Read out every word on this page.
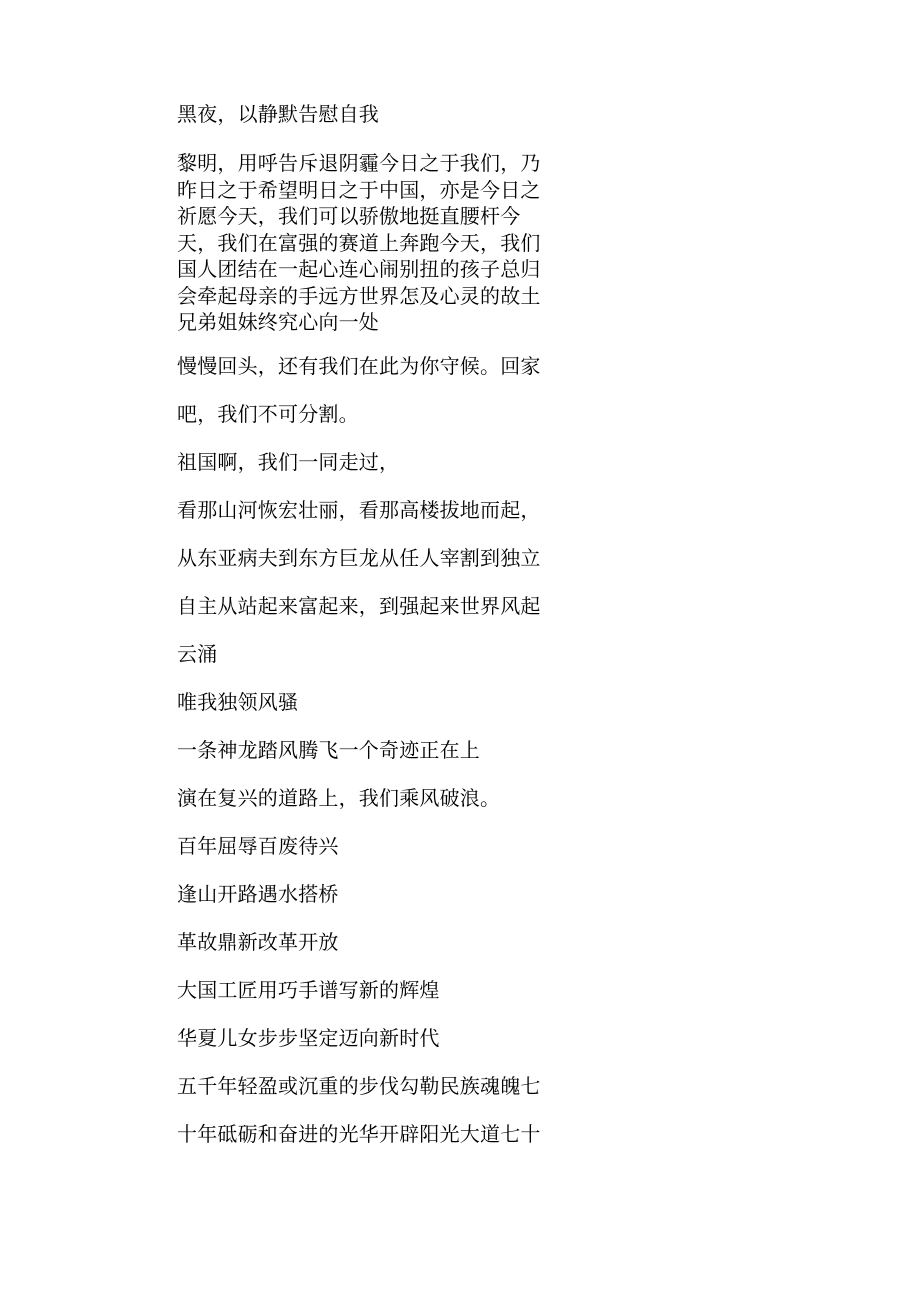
黑夜，以静默告慰自我

黎明，用呼告斥退阴霾今日之于我们，乃
昨日之于希望明日之于中国，亦是今日之
祈愿今天，我们可以骄傲地挺直腰杆今
天，我们在富强的赛道上奔跑今天，我们
国人团结在一起心连心闹别扭的孩子总归
会牵起母亲的手远方世界怎及心灵的故土
兄弟姐妹终究心向一处

慢慢回头，还有我们在此为你守候。回家

吧，我们不可分割。

祖国啊，我们一同走过，

看那山河恢宏壮丽，看那高楼拔地而起，

从东亚病夫到东方巨龙从任人宰割到独立

自主从站起来富起来，到强起来世界风起

云涌

唯我独领风骚

一条神龙踏风腾飞一个奇迹正在上

演在复兴的道路上，我们乘风破浪。

百年屈辱百废待兴

逢山开路遇水搭桥

革故鼎新改革开放

大国工匠用巧手谱写新的辉煌

华夏儿女步步坚定迈向新时代

五千年轻盈或沉重的步伐勾勒民族魂魄七

十年砥砺和奋进的光华开辟阳光大道七十
